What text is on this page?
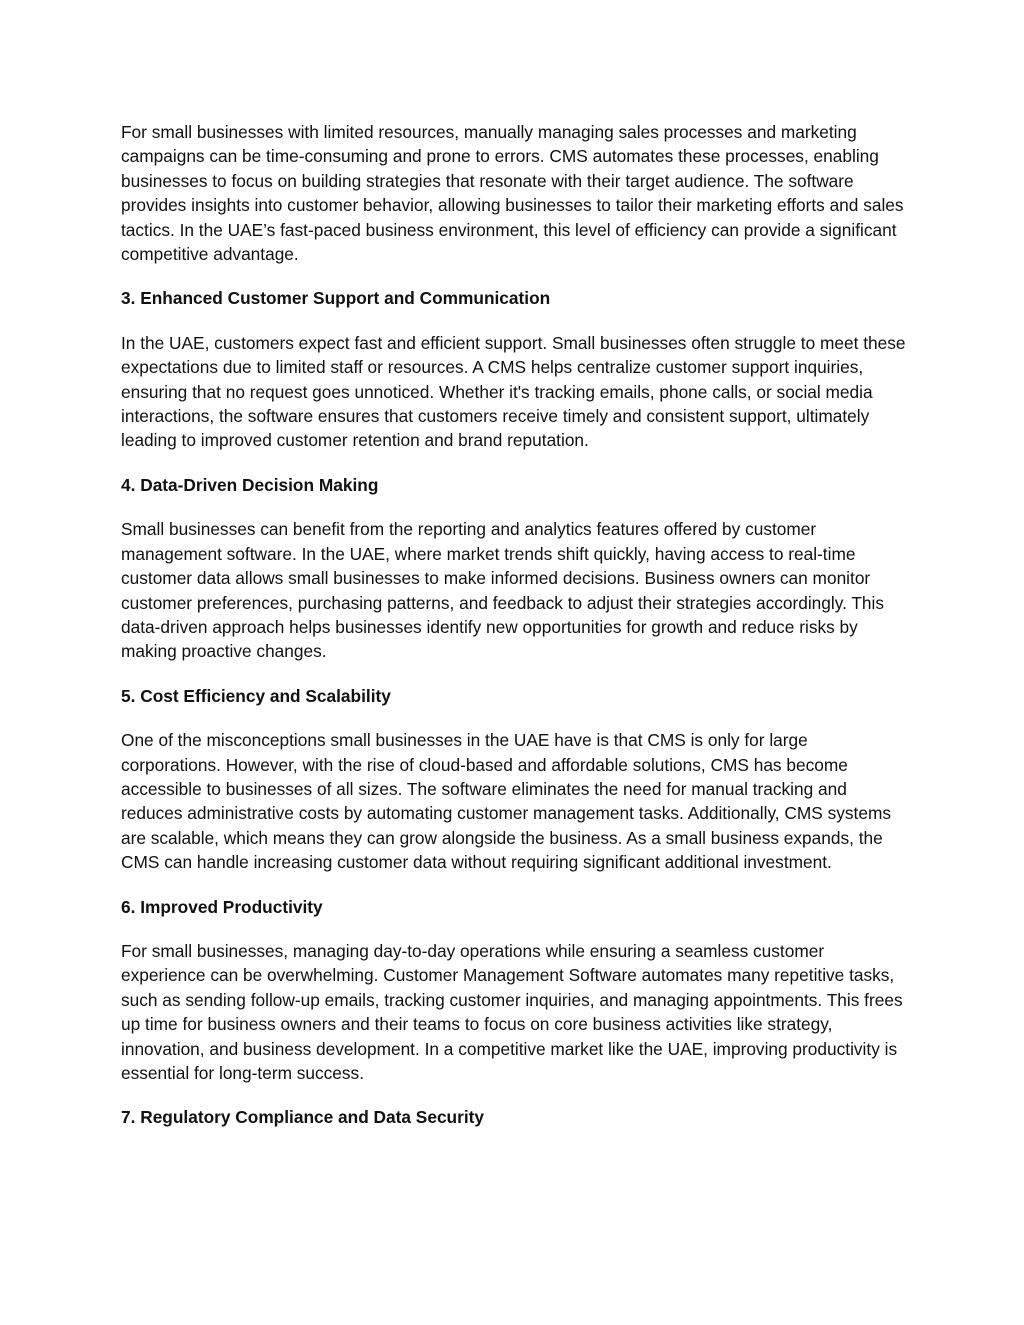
For small businesses with limited resources, manually managing sales processes and marketing campaigns can be time-consuming and prone to errors. CMS automates these processes, enabling businesses to focus on building strategies that resonate with their target audience. The software provides insights into customer behavior, allowing businesses to tailor their marketing efforts and sales tactics. In the UAE’s fast-paced business environment, this level of efficiency can provide a significant competitive advantage.

3. Enhanced Customer Support and Communication

In the UAE, customers expect fast and efficient support. Small businesses often struggle to meet these expectations due to limited staff or resources. A CMS helps centralize customer support inquiries, ensuring that no request goes unnoticed. Whether it's tracking emails, phone calls, or social media interactions, the software ensures that customers receive timely and consistent support, ultimately leading to improved customer retention and brand reputation.

4. Data-Driven Decision Making

Small businesses can benefit from the reporting and analytics features offered by customer management software. In the UAE, where market trends shift quickly, having access to real-time customer data allows small businesses to make informed decisions. Business owners can monitor customer preferences, purchasing patterns, and feedback to adjust their strategies accordingly. This data-driven approach helps businesses identify new opportunities for growth and reduce risks by making proactive changes.

5. Cost Efficiency and Scalability

One of the misconceptions small businesses in the UAE have is that CMS is only for large corporations. However, with the rise of cloud-based and affordable solutions, CMS has become accessible to businesses of all sizes. The software eliminates the need for manual tracking and reduces administrative costs by automating customer management tasks. Additionally, CMS systems are scalable, which means they can grow alongside the business. As a small business expands, the CMS can handle increasing customer data without requiring significant additional investment.

6. Improved Productivity

For small businesses, managing day-to-day operations while ensuring a seamless customer experience can be overwhelming. Customer Management Software automates many repetitive tasks, such as sending follow-up emails, tracking customer inquiries, and managing appointments. This frees up time for business owners and their teams to focus on core business activities like strategy, innovation, and business development. In a competitive market like the UAE, improving productivity is essential for long-term success.

7. Regulatory Compliance and Data Security
